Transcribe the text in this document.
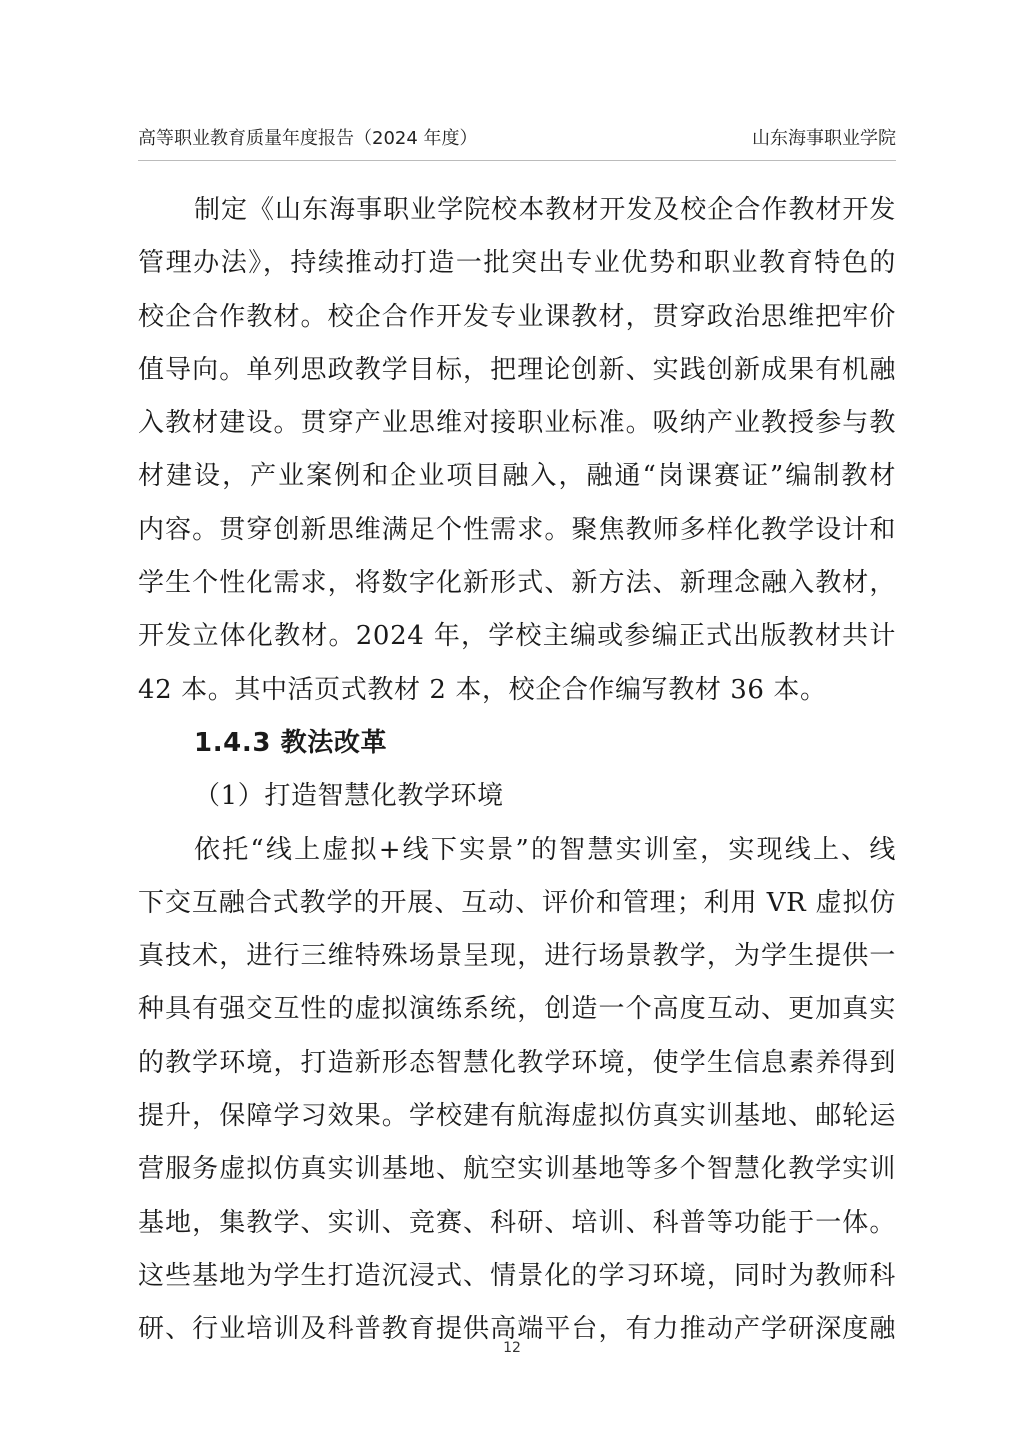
高等职业教育质量年度报告（2024 年度）	山东海事职业学院
制定《山东海事职业学院校本教材开发及校企合作教材开发
管理办法》，持续推动打造一批突出专业优势和职业教育特色的
校企合作教材。校企合作开发专业课教材，贯穿政治思维把牢价
值导向。单列思政教学目标，把理论创新、实践创新成果有机融
入教材建设。贯穿产业思维对接职业标准。吸纳产业教授参与教
材建设，产业案例和企业项目融入，融通“岗课赛证”编制教材
内容。贯穿创新思维满足个性需求。聚焦教师多样化教学设计和
学生个性化需求，将数字化新形式、新方法、新理念融入教材，
开发立体化教材。2024 年，学校主编或参编正式出版教材共计
42 本。其中活页式教材 2 本，校企合作编写教材 36 本。
1.4.3 教法改革
（1）打造智慧化教学环境
依托“线上虚拟+线下实景”的智慧实训室，实现线上、线
下交互融合式教学的开展、互动、评价和管理；利用 VR 虚拟仿
真技术，进行三维特殊场景呈现，进行场景教学，为学生提供一
种具有强交互性的虚拟演练系统，创造一个高度互动、更加真实
的教学环境，打造新形态智慧化教学环境，使学生信息素养得到
提升，保障学习效果。学校建有航海虚拟仿真实训基地、邮轮运
营服务虚拟仿真实训基地、航空实训基地等多个智慧化教学实训
基地，集教学、实训、竞赛、科研、培训、科普等功能于一体。
这些基地为学生打造沉浸式、情景化的学习环境，同时为教师科
研、行业培训及科普教育提供高端平台，有力推动产学研深度融
12
